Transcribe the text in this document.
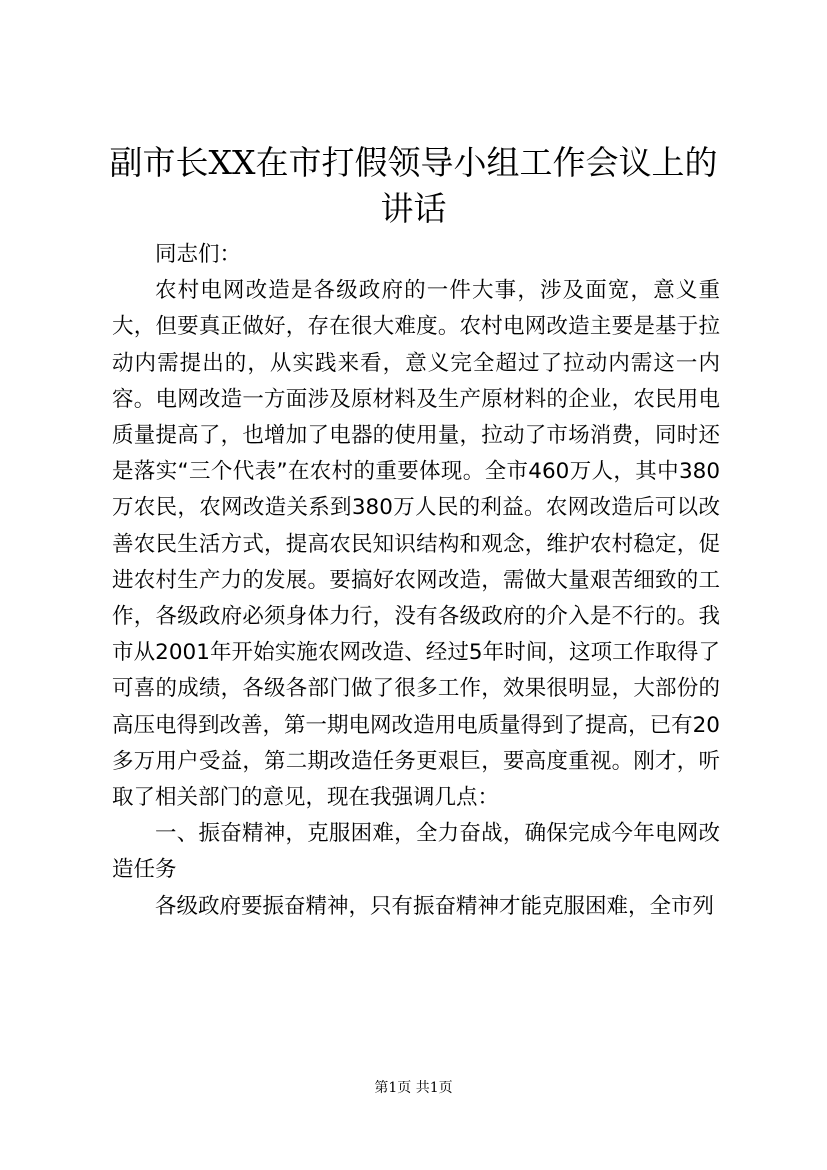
副市长XX在市打假领导小组工作会议上的讲话

同志们：

农村电网改造是各级政府的一件大事，涉及面宽，意义重大，但要真正做好，存在很大难度。农村电网改造主要是基于拉动内需提出的，从实践来看，意义完全超过了拉动内需这一内容。电网改造一方面涉及原材料及生产原材料的企业，农民用电质量提高了，也增加了电器的使用量，拉动了市场消费，同时还是落实“三个代表”在农村的重要体现。全市460万人，其中380万农民，农网改造关系到380万人民的利益。农网改造后可以改善农民生活方式，提高农民知识结构和观念，维护农村稳定，促进农村生产力的发展。要搞好农网改造，需做大量艰苦细致的工作，各级政府必须身体力行，没有各级政府的介入是不行的。我市从2001年开始实施农网改造、经过5年时间，这项工作取得了可喜的成绩，各级各部门做了很多工作，效果很明显，大部份的高压电得到改善，第一期电网改造用电质量得到了提高，已有20多万用户受益，第二期改造任务更艰巨，要高度重视。刚才，听取了相关部门的意见，现在我强调几点：

一、振奋精神，克服困难，全力奋战，确保完成今年电网改造任务

各级政府要振奋精神，只有振奋精神才能克服困难，全市列

第1页 共1页
